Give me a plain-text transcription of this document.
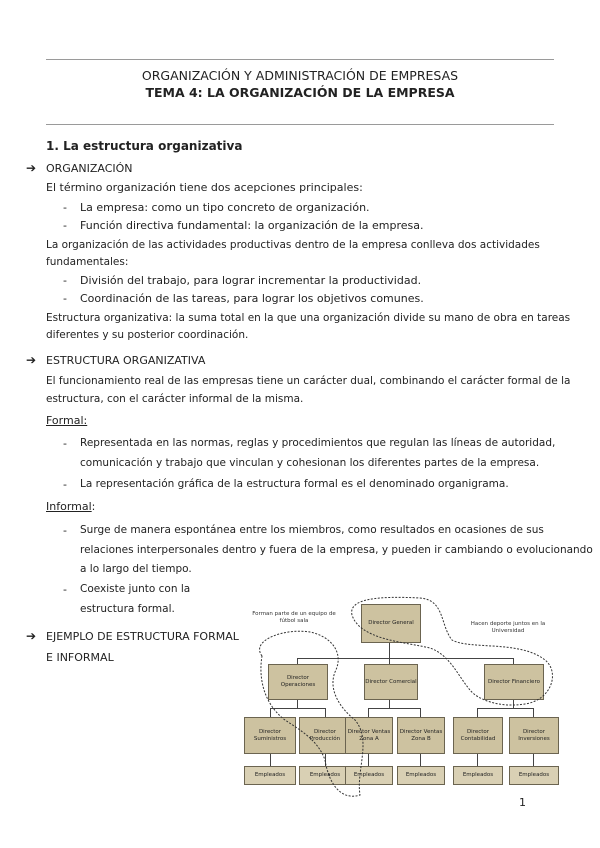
ORGANIZACIÓN Y ADMINISTRACIÓN DE EMPRESAS
TEMA 4: LA ORGANIZACIÓN DE LA EMPRESA
1. La estructura organizativa
➔ ORGANIZACIÓN
El término organización tiene dos acepciones principales:
- La empresa: como un tipo concreto de organización.
- Función directiva fundamental: la organización de la empresa.
La organización de las actividades productivas dentro de la empresa conlleva dos actividades
fundamentales:
- División del trabajo, para lograr incrementar la productividad.
- Coordinación de las tareas, para lograr los objetivos comunes.
Estructura organizativa: la suma total en la que una organización divide su mano de obra en tareas
diferentes y su posterior coordinación.
➔ ESTRUCTURA ORGANIZATIVA
El funcionamiento real de las empresas tiene un carácter dual, combinando el carácter formal de la
estructura, con el carácter informal de la misma.
Formal:
- Representada en las normas, reglas y procedimientos que regulan las líneas de autoridad,
comunicación y trabajo que vinculan y cohesionan los diferentes partes de la empresa.
- La representación gráfica de la estructura formal es el denominado organigrama.
Informal:
- Surge de manera espontánea entre los miembros, como resultados en ocasiones de sus
relaciones interpersonales dentro y fuera de la empresa, y pueden ir cambiando o evolucionando
a lo largo del tiempo.
- Coexiste junto con la
estructura formal.
➔ EJEMPLO DE ESTRUCTURA FORMAL
E INFORMAL
Forman parte de un equipo de fútbol sala	Hacen deporte juntos en la Universidad
Director General
Director Operaciones
Director Comercial	Director Financiero
Director Suministros
Director Producción
Director Ventas Zona A
Director Ventas Zona B
Director Contabilidad
Director Inversiones
Empleados	Empleados	Empleados	Empleados	Empleados	Empleados
1
